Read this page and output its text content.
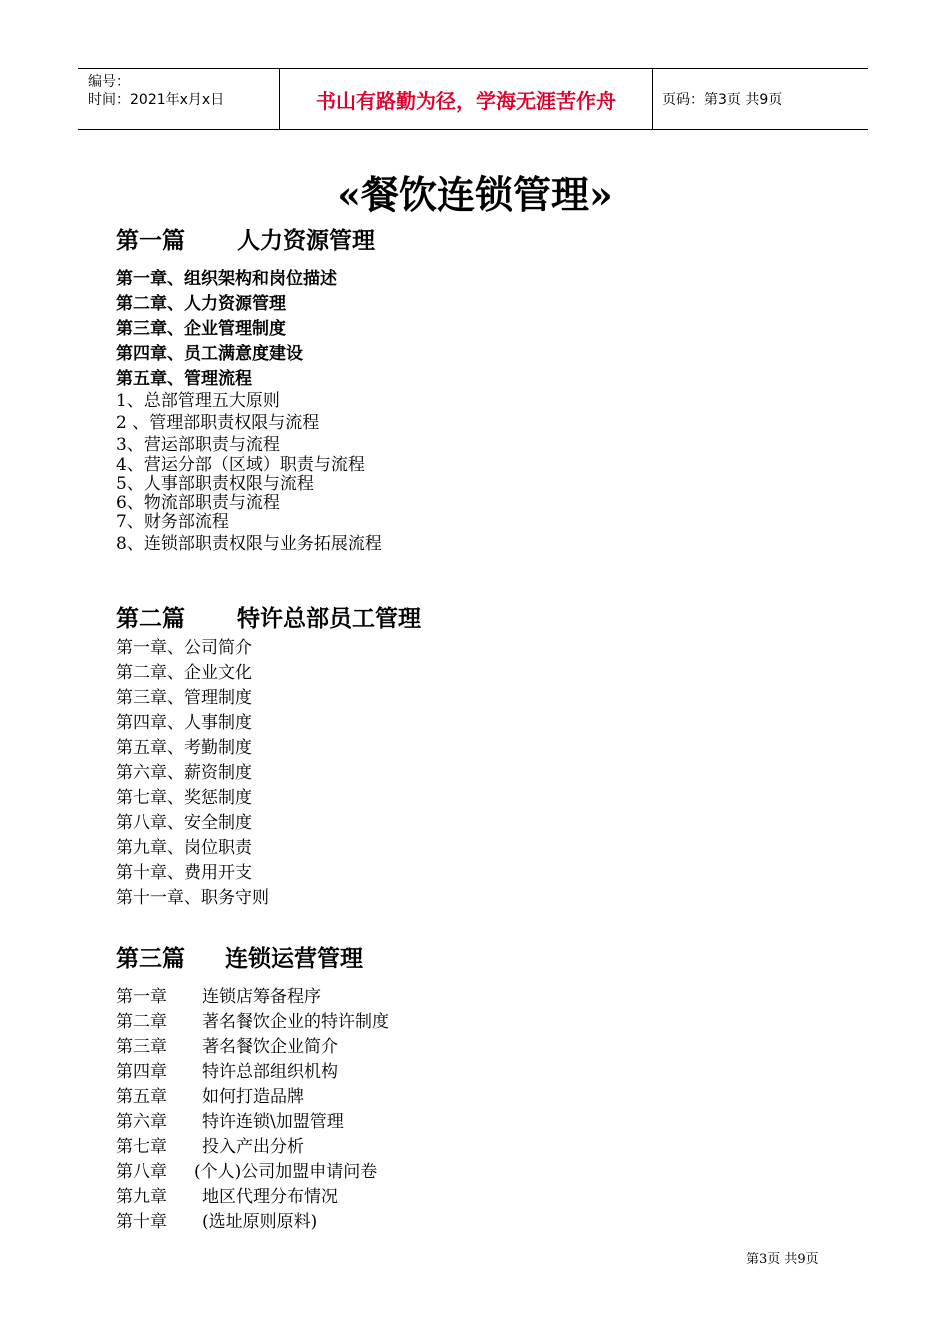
编号：
时间：2021年x月x日	书山有路勤为径，学海无涯苦作舟	页码：第3页 共9页
«餐饮连锁管理»
第一篇 人力资源管理
第一章、组织架构和岗位描述
第二章、人力资源管理
第三章、企业管理制度
第四章、员工满意度建设
第五章、管理流程
1、总部管理五大原则
2 、管理部职责权限与流程
3、营运部职责与流程
4、营运分部（区域）职责与流程
5、人事部职责权限与流程
6、物流部职责与流程
7、财务部流程
8、连锁部职责权限与业务拓展流程
第二篇 特许总部员工管理
第一章、公司简介
第二章、企业文化
第三章、管理制度
第四章、人事制度
第五章、考勤制度
第六章、薪资制度
第七章、奖惩制度
第八章、安全制度
第九章、岗位职责
第十章、费用开支
第十一章、职务守则
第三篇 连锁运营管理
第一章 连锁店筹备程序
第二章 著名餐饮企业的特许制度
第三章 著名餐饮企业简介
第四章 特许总部组织机构
第五章 如何打造品牌
第六章 特许连锁\加盟管理
第七章 投入产出分析
第八章 (个人)公司加盟申请问卷
第九章 地区代理分布情况
第十章 (选址原则原料)
第3页 共9页
